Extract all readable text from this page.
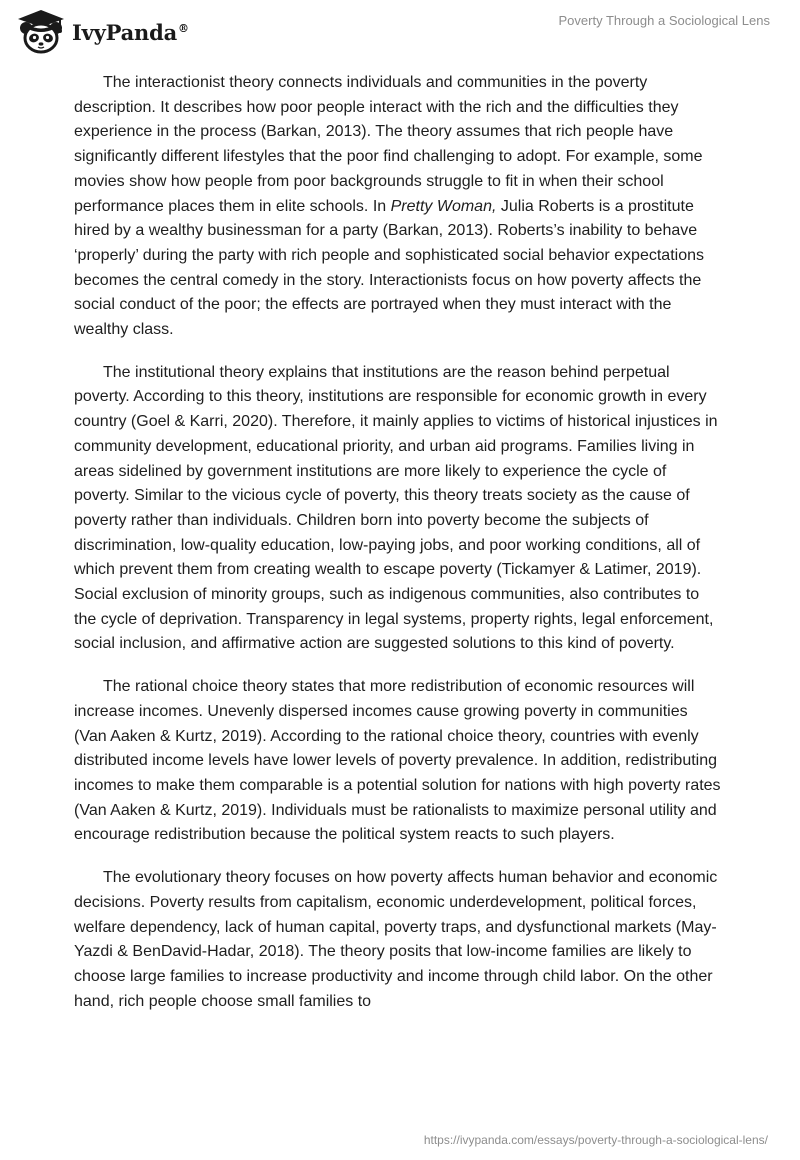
IvyPanda®	Poverty Through a Sociological Lens

The interactionist theory connects individuals and communities in the poverty description. It describes how poor people interact with the rich and the difficulties they experience in the process (Barkan, 2013). The theory assumes that rich people have significantly different lifestyles that the poor find challenging to adopt. For example, some movies show how people from poor backgrounds struggle to fit in when their school performance places them in elite schools. In Pretty Woman, Julia Roberts is a prostitute hired by a wealthy businessman for a party (Barkan, 2013). Roberts’s inability to behave ‘properly’ during the party with rich people and sophisticated social behavior expectations becomes the central comedy in the story. Interactionists focus on how poverty affects the social conduct of the poor; the effects are portrayed when they must interact with the wealthy class.

The institutional theory explains that institutions are the reason behind perpetual poverty. According to this theory, institutions are responsible for economic growth in every country (Goel & Karri, 2020). Therefore, it mainly applies to victims of historical injustices in community development, educational priority, and urban aid programs. Families living in areas sidelined by government institutions are more likely to experience the cycle of poverty. Similar to the vicious cycle of poverty, this theory treats society as the cause of poverty rather than individuals. Children born into poverty become the subjects of discrimination, low-quality education, low-paying jobs, and poor working conditions, all of which prevent them from creating wealth to escape poverty (Tickamyer & Latimer, 2019). Social exclusion of minority groups, such as indigenous communities, also contributes to the cycle of deprivation. Transparency in legal systems, property rights, legal enforcement, social inclusion, and affirmative action are suggested solutions to this kind of poverty.

The rational choice theory states that more redistribution of economic resources will increase incomes. Unevenly dispersed incomes cause growing poverty in communities (Van Aaken & Kurtz, 2019). According to the rational choice theory, countries with evenly distributed income levels have lower levels of poverty prevalence. In addition, redistributing incomes to make them comparable is a potential solution for nations with high poverty rates (Van Aaken & Kurtz, 2019). Individuals must be rationalists to maximize personal utility and encourage redistribution because the political system reacts to such players.

The evolutionary theory focuses on how poverty affects human behavior and economic decisions. Poverty results from capitalism, economic underdevelopment, political forces, welfare dependency, lack of human capital, poverty traps, and dysfunctional markets (May-Yazdi & BenDavid-Hadar, 2018). The theory posits that low-income families are likely to choose large families to increase productivity and income through child labor. On the other hand, rich people choose small families to

https://ivypanda.com/essays/poverty-through-a-sociological-lens/
